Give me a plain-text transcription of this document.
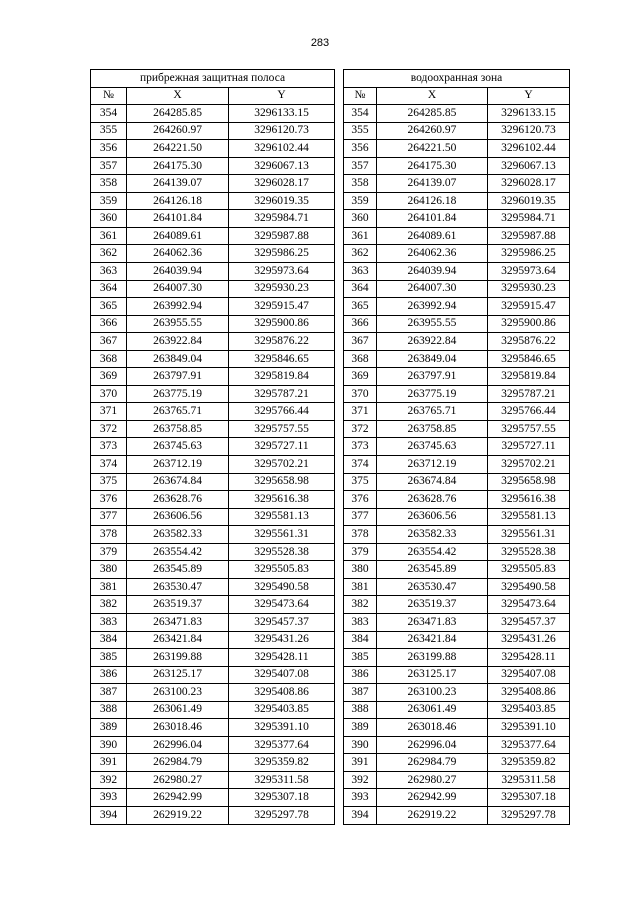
283
прибрежная защитная полоса		
№	X	Y
354	264285.85	3296133.15
355	264260.97	3296120.73
356	264221.50	3296102.44
357	264175.30	3296067.13
358	264139.07	3296028.17
359	264126.18	3296019.35
360	264101.84	3295984.71
361	264089.61	3295987.88
362	264062.36	3295986.25
363	264039.94	3295973.64
364	264007.30	3295930.23
365	263992.94	3295915.47
366	263955.55	3295900.86
367	263922.84	3295876.22
368	263849.04	3295846.65
369	263797.91	3295819.84
370	263775.19	3295787.21
371	263765.71	3295766.44
372	263758.85	3295757.55
373	263745.63	3295727.11
374	263712.19	3295702.21
375	263674.84	3295658.98
376	263628.76	3295616.38
377	263606.56	3295581.13
378	263582.33	3295561.31
379	263554.42	3295528.38
380	263545.89	3295505.83
381	263530.47	3295490.58
382	263519.37	3295473.64
383	263471.83	3295457.37
384	263421.84	3295431.26
385	263199.88	3295428.11
386	263125.17	3295407.08
387	263100.23	3295408.86
388	263061.49	3295403.85
389	263018.46	3295391.10
390	262996.04	3295377.64
391	262984.79	3295359.82
392	262980.27	3295311.58
393	262942.99	3295307.18
394	262919.22	3295297.78
водоохранная зона		
№	X	Y
354	264285.85	3296133.15
355	264260.97	3296120.73
356	264221.50	3296102.44
357	264175.30	3296067.13
358	264139.07	3296028.17
359	264126.18	3296019.35
360	264101.84	3295984.71
361	264089.61	3295987.88
362	264062.36	3295986.25
363	264039.94	3295973.64
364	264007.30	3295930.23
365	263992.94	3295915.47
366	263955.55	3295900.86
367	263922.84	3295876.22
368	263849.04	3295846.65
369	263797.91	3295819.84
370	263775.19	3295787.21
371	263765.71	3295766.44
372	263758.85	3295757.55
373	263745.63	3295727.11
374	263712.19	3295702.21
375	263674.84	3295658.98
376	263628.76	3295616.38
377	263606.56	3295581.13
378	263582.33	3295561.31
379	263554.42	3295528.38
380	263545.89	3295505.83
381	263530.47	3295490.58
382	263519.37	3295473.64
383	263471.83	3295457.37
384	263421.84	3295431.26
385	263199.88	3295428.11
386	263125.17	3295407.08
387	263100.23	3295408.86
388	263061.49	3295403.85
389	263018.46	3295391.10
390	262996.04	3295377.64
391	262984.79	3295359.82
392	262980.27	3295311.58
393	262942.99	3295307.18
394	262919.22	3295297.78
